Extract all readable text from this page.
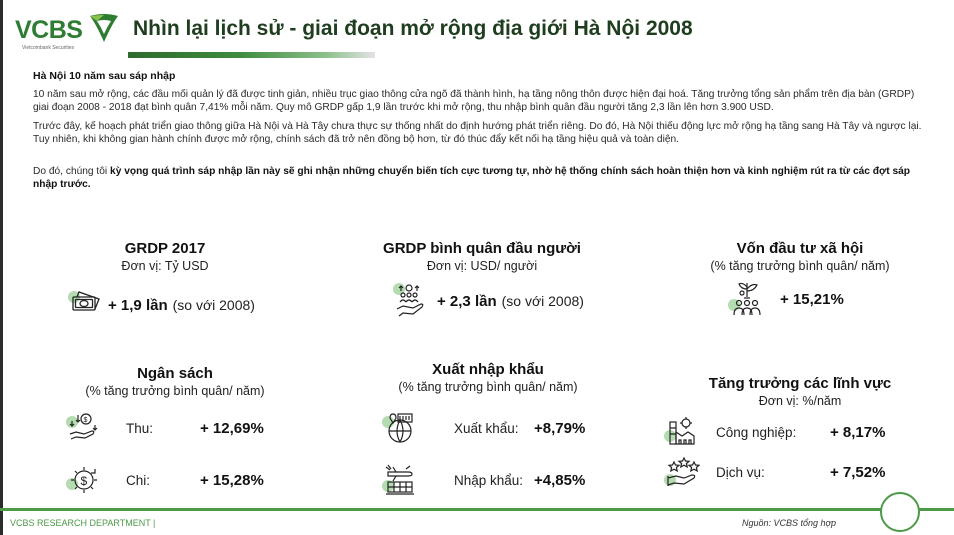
VCBS
Vietcombank Securities
Nhìn lại lịch sử - giai đoạn mở rộng địa giới Hà Nội 2008
Hà Nội 10 năm sau sáp nhập

10 năm sau mở rộng, các đầu mối quản lý đã được tinh giản, nhiều trục giao thông cửa ngõ đã thành hình, hạ tầng nông thôn được hiện đại hoá. Tăng trưởng tổng sản phẩm trên địa bàn (GRDP) giai đoạn 2008 - 2018 đạt bình quân 7,41% mỗi năm. Quy mô GRDP gấp 1,9 lần trước khi mở rộng, thu nhập bình quân đầu người tăng 2,3 lần lên hơn 3.900 USD.

Trước đây, kế hoạch phát triển giao thông giữa Hà Nội và Hà Tây chưa thực sự thống nhất do định hướng phát triển riêng. Do đó, Hà Nội thiếu động lực mở rộng hạ tầng sang Hà Tây và ngược lại. Tuy nhiên, khi không gian hành chính được mở rộng, chính sách đã trở nên đồng bộ hơn, từ đó thúc đẩy kết nối hạ tầng hiệu quả và toàn diện.

Do đó, chúng tôi kỳ vọng quá trình sáp nhập lần này sẽ ghi nhận những chuyển biến tích cực tương tự, nhờ hệ thống chính sách hoàn thiện hơn và kinh nghiệm rút ra từ các đợt sáp nhập trước.

GRDP 2017
Đơn vị: Tỷ USD
+ 1,9 lần (so với 2008)
GRDP bình quân đầu người
Đơn vị: USD/ người
+ 2,3 lần (so với 2008)
Vốn đầu tư xã hội
(% tăng trưởng bình quân/ năm)
+ 15,21%
Ngân sách
(% tăng trưởng bình quân/ năm)
$	Thu:	+ 12,69%
$	Chi:	+ 15,28%
Xuất nhập khẩu
(% tăng trưởng bình quân/ năm)
Xuất khẩu: +8,79%
Nhập khẩu: +4,85%
Tăng trưởng các lĩnh vực
Đơn vị: %/năm
Công nghiệp: + 8,17%
Dịch vụ:	+ 7,52%
VCBS RESEARCH DEPARTMENT |	Nguồn: VCBS tổng hợp
